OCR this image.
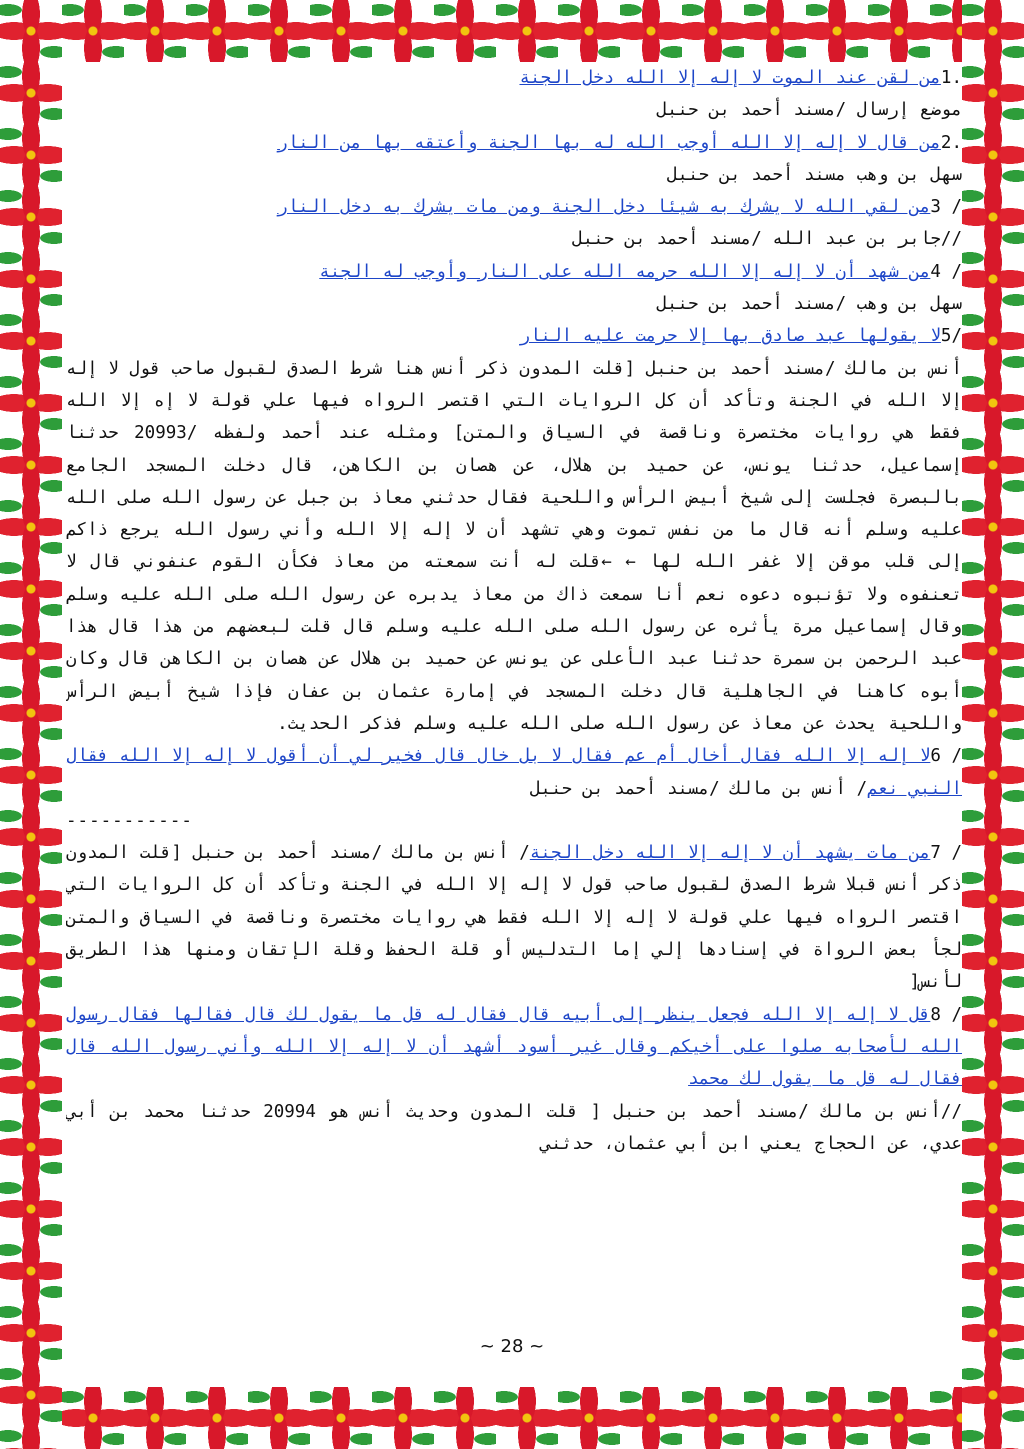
.1من لقن عند الموت لا إله إلا الله دخل الجنة

موضع إرسال /مسند أحمد بن حنبل

.2من قال لا إله إلا الله أوجب الله له بها الجنة وأعتقه بها من النار

سهل بن وهب مسند أحمد بن حنبل

/ 3من لقي الله لا يشرك به شيئا دخل الجنة ومن مات يشرك به دخل النار

//جابر بن عبد الله /مسند أحمد بن حنبل

/ 4من شهد أن لا إله إلا الله حرمه الله على النار وأوجب له الجنة

سهل بن وهب /مسند أحمد بن حنبل

/5لا يقولها عبد صادق بها إلا حرمت عليه النار

أنس بن مالك /مسند أحمد بن حنبل [قلت المدون ذكر أنس هنا شرط الصدق لقبول صاحب قول لا إله إلا الله في الجنة وتأكد أن كل الروايات التي اقتصر الرواه فيها علي قولة لا إه إلا الله فقط هي روايات مختصرة وناقصة في السياق والمتن] ومثله عند أحمد ولفظه /20993 حدثنا إسماعيل، حدثنا يونس، عن حميد بن هلال، عن هصان بن الكاهن، قال دخلت المسجد الجامع بالبصرة فجلست إلى شيخ أبيض الرأس واللحية فقال حدثني معاذ بن جبل عن رسول الله صلى الله عليه وسلم أنه قال ما من نفس تموت وهي تشهد أن لا إله إلا الله وأني رسول الله يرجع ذاكم إلى قلب موقن إلا غفر الله لها ← ←قلت له أنت سمعته من معاذ فكأن القوم عنفوني قال لا تعنفوه ولا تؤنبوه دعوه نعم أنا سمعت ذاك من معاذ يدبره عن رسول الله صلى الله عليه وسلم وقال إسماعيل مرة يأثره عن رسول الله صلى الله عليه وسلم قال قلت لبعضهم من هذا قال هذا عبد الرحمن بن سمرة حدثنا عبد الأعلى عن يونس عن حميد بن هلال عن هصان بن الكاهن قال وكان أبوه كاهنا في الجاهلية قال دخلت المسجد في إمارة عثمان بن عفان فإذا شيخ أبيض الرأس واللحية يحدث عن معاذ عن رسول الله صلى الله عليه وسلم فذكر الحديث.

/ 6لا إله إلا الله فقال أخال أم عم فقال لا بل خال قال فخير لي أن أقول لا إله إلا الله فقال النبي نعم/ أنس بن مالك /مسند أحمد بن حنبل

-----------

/ 7من مات يشهد أن لا إله إلا الله دخل الجنة/ أنس بن مالك /مسند أحمد بن حنبل [قلت المدون ذكر أنس قبلا شرط الصدق لقبول صاحب قول لا إله إلا الله في الجنة وتأكد أن كل الروايات التي اقتصر الرواه فيها علي قولة لا إله إلا الله فقط هي روايات مختصرة وناقصة في السياق والمتن لجأ بعض الرواة في إسنادها إلي إما التدليس أو قلة الحفظ وقلة الإتقان ومنها هذا الطريق لأنس[

/ 8قل لا إله إلا الله فجعل ينظر إلى أبيه قال فقال له قل ما يقول لك قال فقالها فقال رسول الله لأصحابه صلوا على أخيكم وقال غير أسود أشهد أن لا إله إلا الله وأني رسول الله قال فقال له قل ما يقول لك محمد

//أنس بن مالك /مسند أحمد بن حنبل [ قلت المدون وحديث أنس هو 20994 حدثنا محمد بن أبي عدي، عن الحجاج يعني ابن أبي عثمان، حدثني

~ 28 ~
